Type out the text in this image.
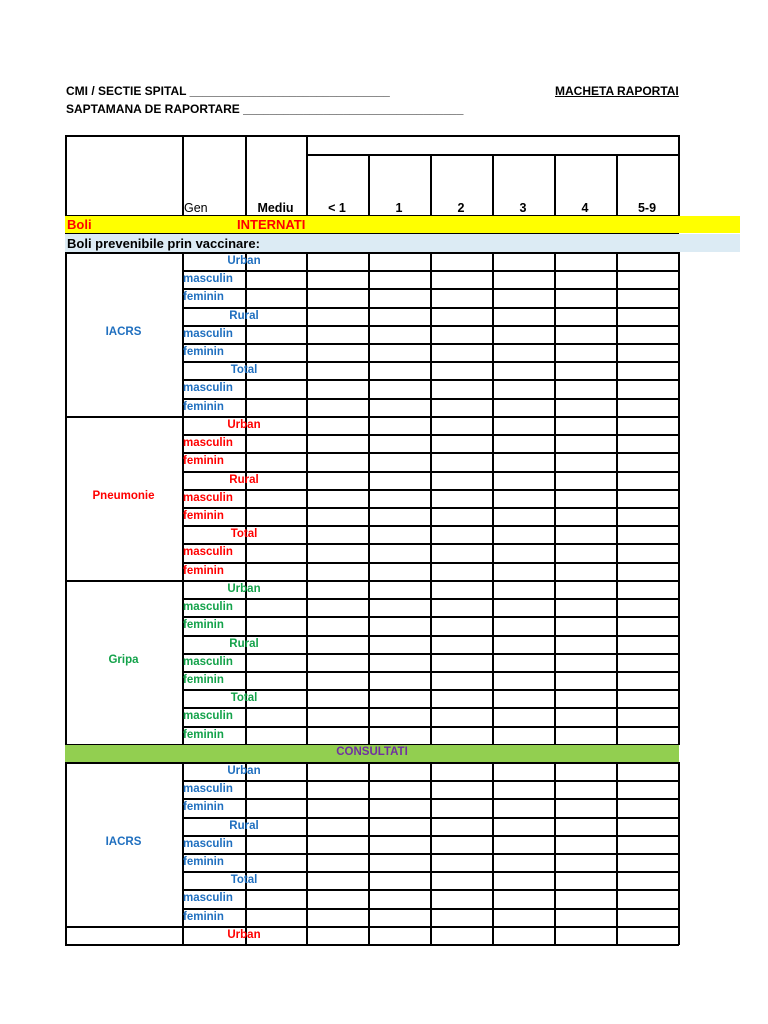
CMI / SECTIE SPITAL ______________________________
SAPTAMANA DE RAPORTARE _________________________________
MACHETA RAPORTAI
Gen	Mediu	< 1	1	2	3	4	5-9
Boli	INTERNATI
Boli prevenibile prin vaccinare:
IACRS
Urban
masculin
feminin
Rural
masculin
feminin
Total
masculin
feminin
Pneumonie
Urban
masculin
feminin
Rural
masculin
feminin
Total
masculin
feminin
Gripa
Urban
masculin
feminin
Rural
masculin
feminin
Total
masculin
feminin
CONSULTATI
IACRS
Urban
masculin
feminin
Rural
masculin
feminin
Total
masculin
feminin
Urban
